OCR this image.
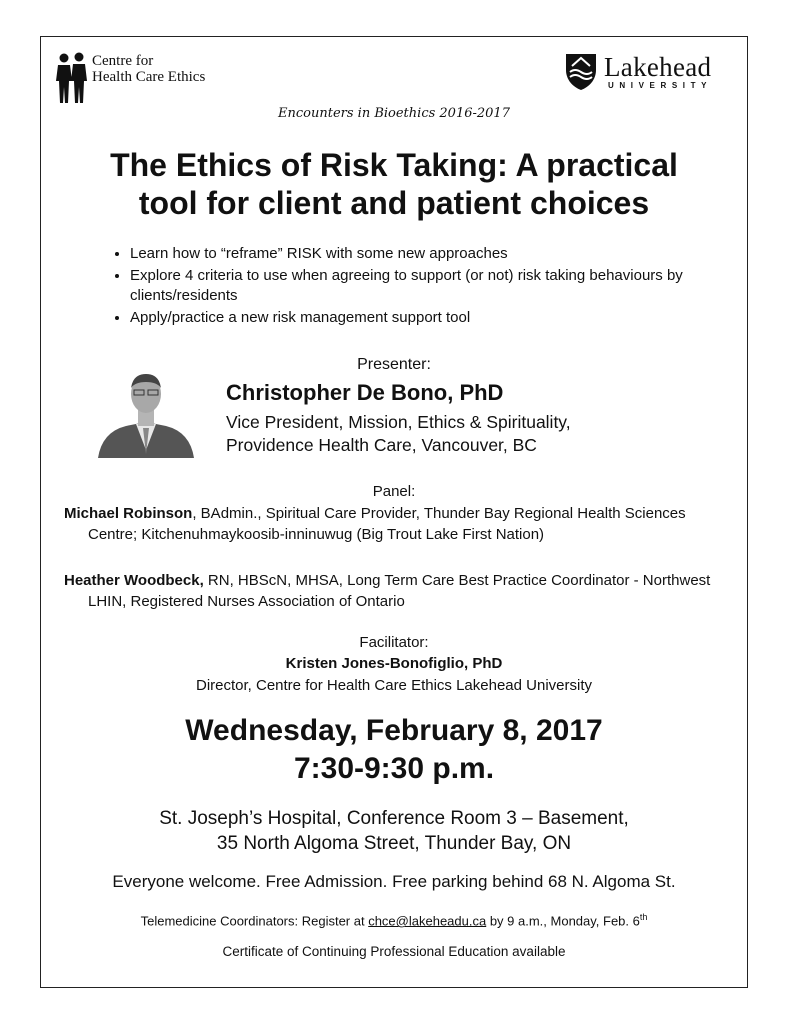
Centre for
Health Care Ethics	Lakehead
UNIVERSITY
Encounters in Bioethics 2016-2017
The Ethics of Risk Taking: A practical
tool for client and patient choices
• Learn how to “reframe” RISK with some new approaches
• Explore 4 criteria to use when agreeing to support (or not) risk taking behaviours by clients/residents
• Apply/practice a new risk management support tool
Presenter:
Christopher De Bono, PhD
Vice President, Mission, Ethics & Spirituality,
Providence Health Care, Vancouver, BC
Panel:
Michael Robinson, BAdmin., Spiritual Care Provider, Thunder Bay Regional Health Sciences Centre; Kitchenuhmaykoosib-inninuwug (Big Trout Lake First Nation)
Heather Woodbeck, RN, HBScN, MHSA, Long Term Care Best Practice Coordinator - Northwest LHIN, Registered Nurses Association of Ontario
Facilitator:
Kristen Jones-Bonofiglio, PhD
Director, Centre for Health Care Ethics Lakehead University
Wednesday, February 8, 2017
7:30-9:30 p.m.
St. Joseph’s Hospital, Conference Room 3 – Basement,
35 North Algoma Street, Thunder Bay, ON
Everyone welcome. Free Admission. Free parking behind 68 N. Algoma St.
Telemedicine Coordinators: Register at chce@lakeheadu.ca by 9 a.m., Monday, Feb. 6th
Certificate of Continuing Professional Education available
